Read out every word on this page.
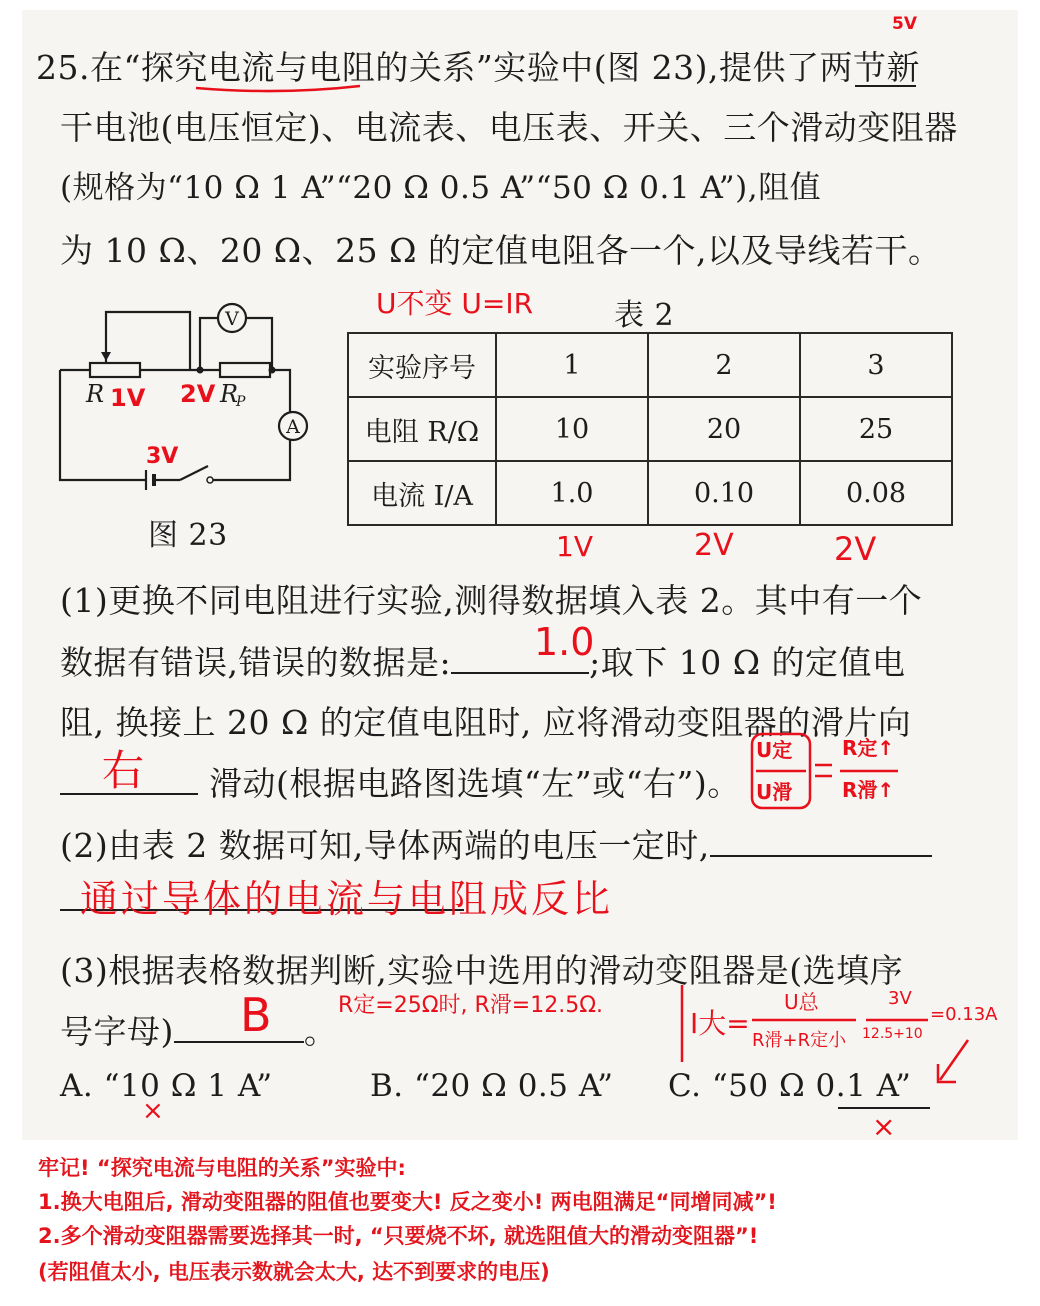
25.在“探究电流与电阻的关系”实验中(图 23),提供了两节新
干电池(电压恒定)、电流表、电压表、开关、三个滑动变阻器
(规格为“10 Ω 1 A”“20 Ω 0.5 A”“50 Ω 0.1 A”),阻值
为 10 Ω、20 Ω、25 Ω 的定值电阻各一个,以及导线若干。
5V
V
A
R	R
P
1V 2V
3V
图 23
U不变 U=IR	表 2
实验序号	1	2	3
电阻 R/Ω	10	20	25
电流 I/A	1.0	0.10	0.08
1V	2V	2V
(1)更换不同电阻进行实验,测得数据填入表 2。其中有一个
数据有错误,错误的数据是:	;取下 10 Ω 的定值电
1.0
阻, 换接上 20 Ω 的定值电阻时, 应将滑动变阻器的滑片向
滑动(根据电路图选填“左”或“右”)。
右	U定
U滑
R定↑
R滑↑
(2)由表 2 数据可知,导体两端的电压一定时,
通过导体的电流与电阻成反比
(3)根据表格数据判断,实验中选用的滑动变阻器是(选填序
号字母)	。
B	R定=25Ω时, R滑=12.5Ω.
I大=
U总
R滑+R定小
3V
12.5+10
=0.13A
A. “10 Ω 1 A”	B. “20 Ω 0.5 A” C. “50 Ω 0.1 A”
×	×
牢记! “探究电流与电阻的关系”实验中:
1.换大电阻后, 滑动变阻器的阻值也要变大! 反之变小! 两电阻满足“同增同减”!
2.多个滑动变阻器需要选择其一时, “只要烧不坏, 就选阻值大的滑动变阻器”!
(若阻值太小, 电压表示数就会太大, 达不到要求的电压)
